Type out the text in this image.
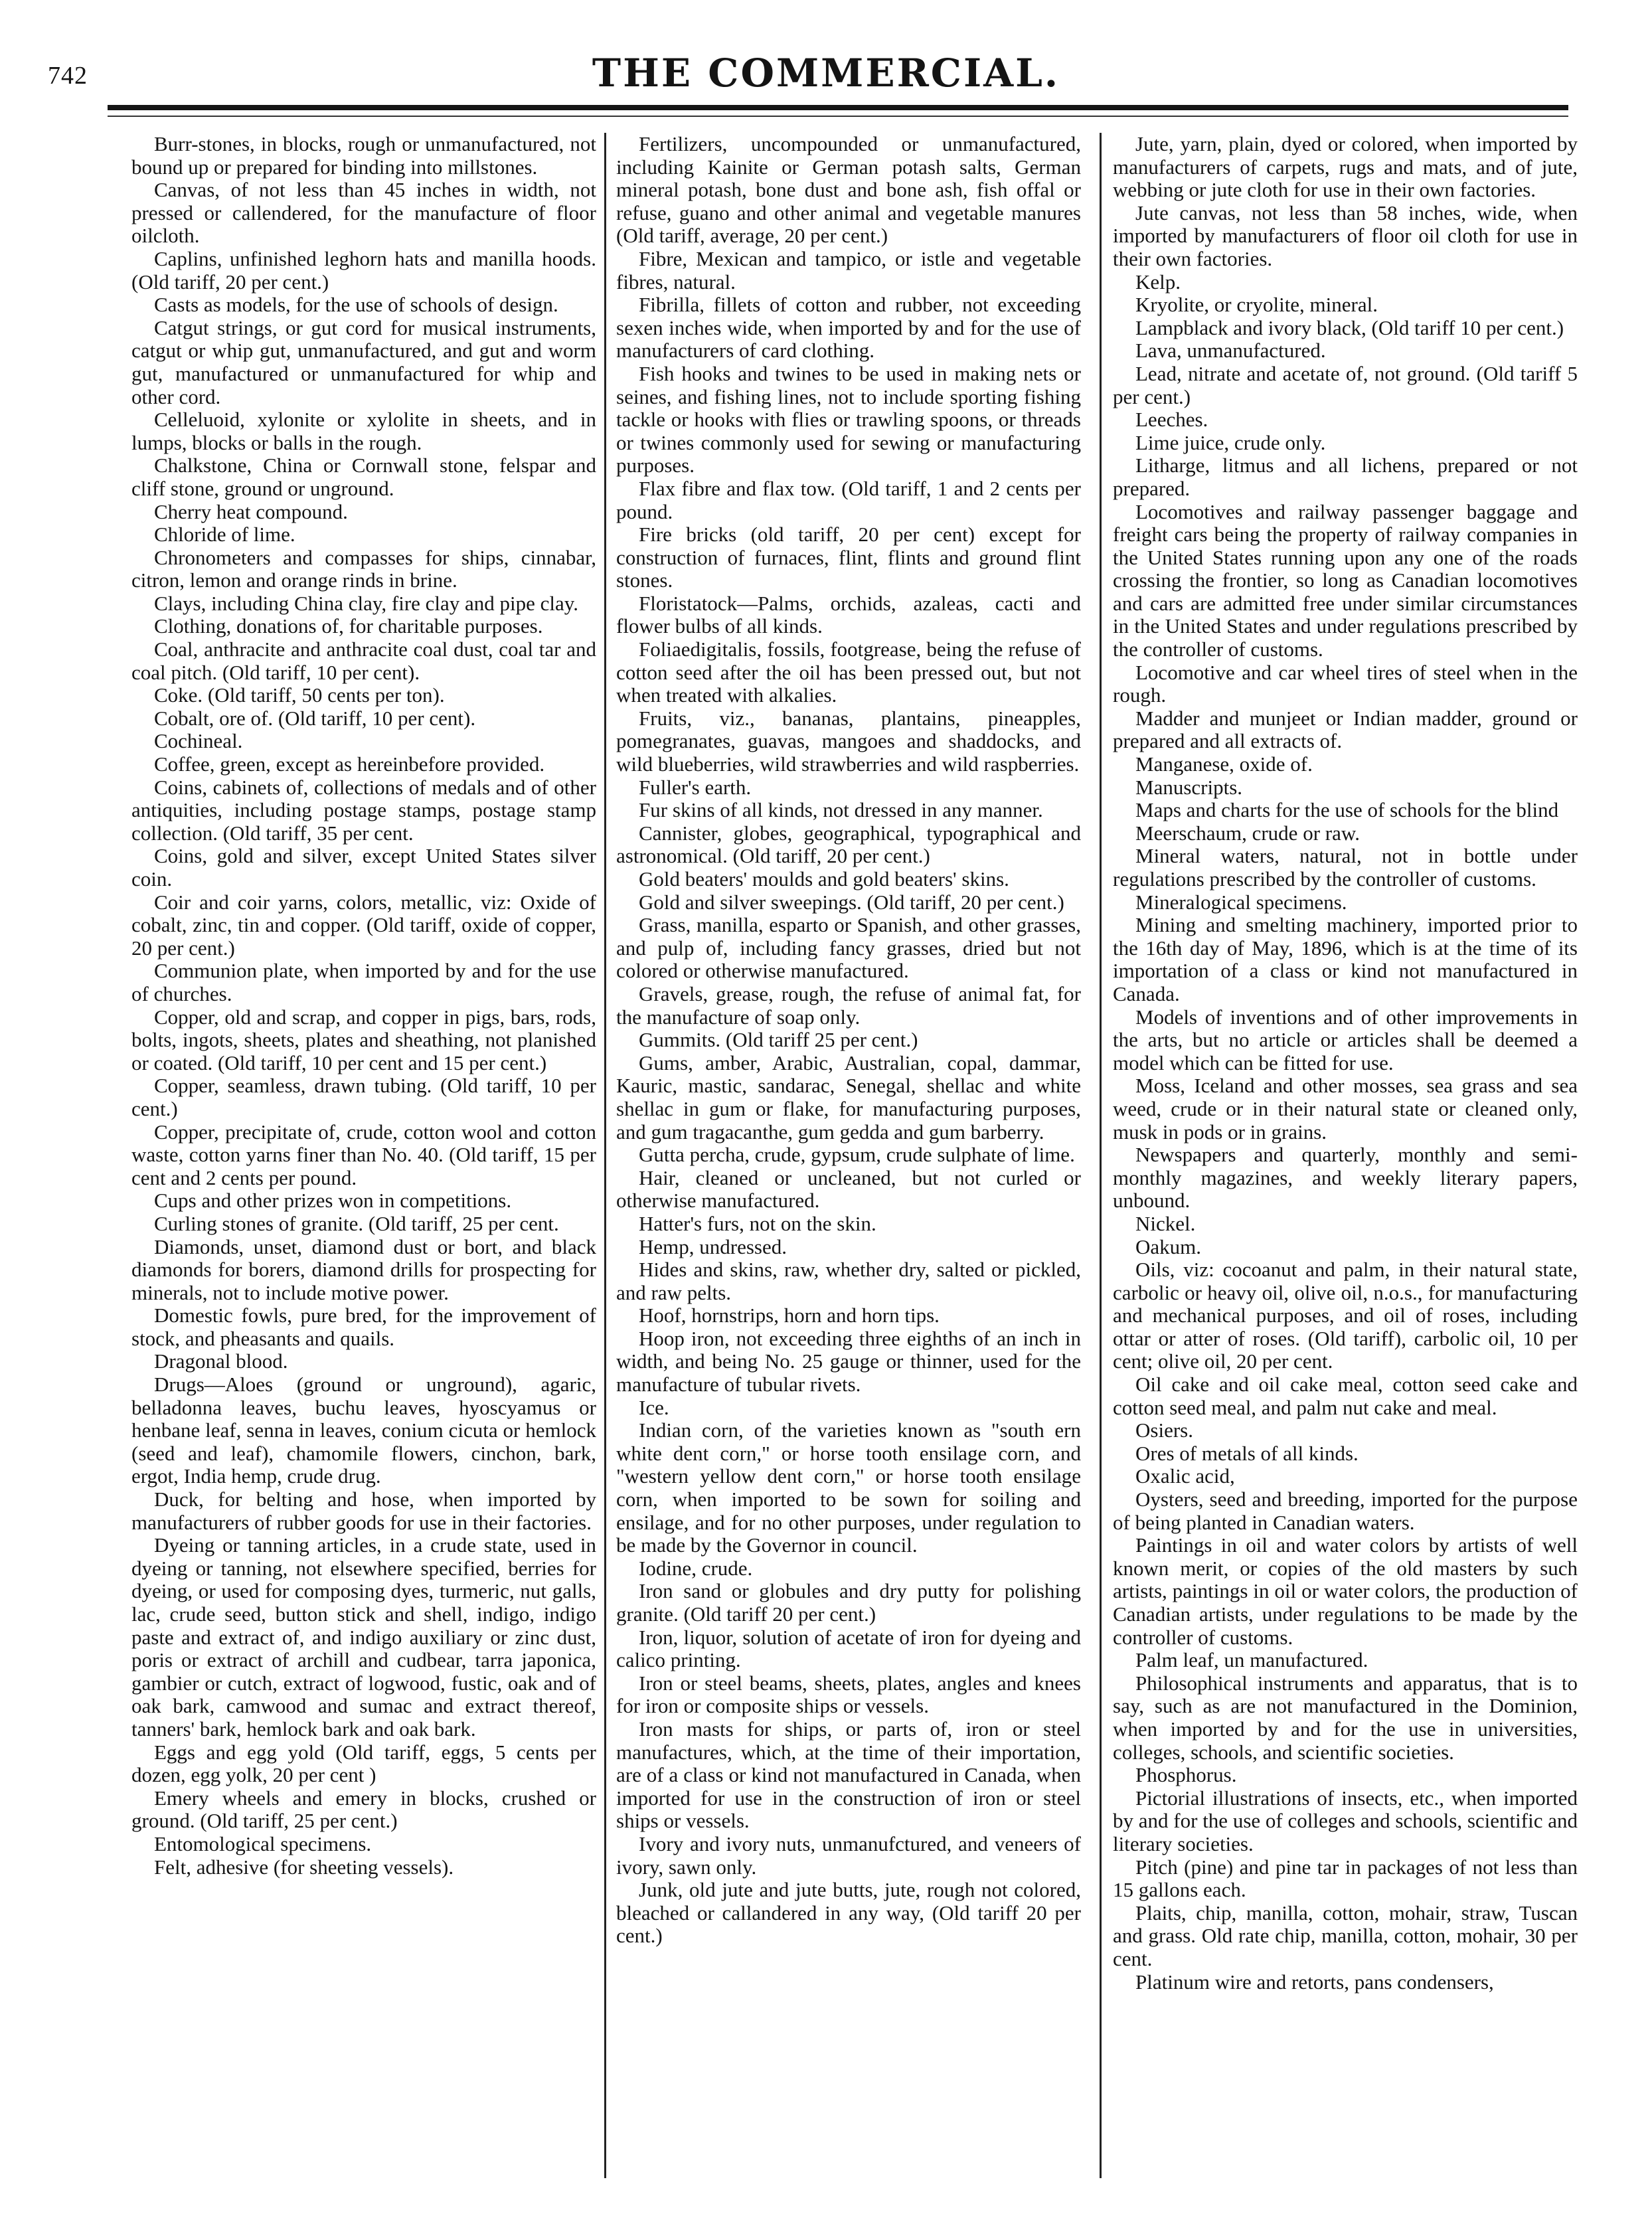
742	THE COMMERCIAL.

Burr-stones, in blocks, rough or unmanufactured, not bound up or prepared for binding into millstones.

Canvas, of not less than 45 inches in width, not pressed or callendered, for the manufacture of floor oilcloth.

Caplins, unfinished leghorn hats and manilla hoods. (Old tariff, 20 per cent.)

Casts as models, for the use of schools of design.

Catgut strings, or gut cord for musical instruments, catgut or whip gut, unmanufactured, and gut and worm gut, manufactured or unmanufactured for whip and other cord.

Celleluoid, xylonite or xylolite in sheets, and in lumps, blocks or balls in the rough.

Chalkstone, China or Cornwall stone, felspar and cliff stone, ground or unground.

Cherry heat compound.

Chloride of lime.

Chronometers and compasses for ships, cinnabar, citron, lemon and orange rinds in brine.

Clays, including China clay, fire clay and pipe clay.

Clothing, donations of, for charitable purposes.

Coal, anthracite and anthracite coal dust, coal tar and coal pitch. (Old tariff, 10 per cent).

Coke. (Old tariff, 50 cents per ton).

Cobalt, ore of. (Old tariff, 10 per cent).

Cochineal.

Coffee, green, except as hereinbefore provided.

Coins, cabinets of, collections of medals and of other antiquities, including postage stamps, postage stamp collection. (Old tariff, 35 per cent.

Coins, gold and silver, except United States silver coin.

Coir and coir yarns, colors, metallic, viz: Oxide of cobalt, zinc, tin and copper. (Old tariff, oxide of copper, 20 per cent.)

Communion plate, when imported by and for the use of churches.

Copper, old and scrap, and copper in pigs, bars, rods, bolts, ingots, sheets, plates and sheathing, not planished or coated. (Old tariff, 10 per cent and 15 per cent.)

Copper, seamless, drawn tubing. (Old tariff, 10 per cent.)

Copper, precipitate of, crude, cotton wool and cotton waste, cotton yarns finer than No. 40. (Old tariff, 15 per cent and 2 cents per pound.

Cups and other prizes won in competitions.

Curling stones of granite. (Old tariff, 25 per cent.

Diamonds, unset, diamond dust or bort, and black diamonds for borers, diamond drills for prospecting for minerals, not to include motive power.

Domestic fowls, pure bred, for the improvement of stock, and pheasants and quails.

Dragonal blood.

Drugs—Aloes (ground or unground), agaric, belladonna leaves, buchu leaves, hyoscyamus or henbane leaf, senna in leaves, conium cicuta or hemlock (seed and leaf), chamomile flowers, cinchon, bark, ergot, India hemp, crude drug.

Duck, for belting and hose, when imported by manufacturers of rubber goods for use in their factories.

Dyeing or tanning articles, in a crude state, used in dyeing or tanning, not elsewhere specified, berries for dyeing, or used for composing dyes, turmeric, nut galls, lac, crude seed, button stick and shell, indigo, indigo paste and extract of, and indigo auxiliary or zinc dust, poris or extract of archill and cudbear, tarra japonica, gambier or cutch, extract of logwood, fustic, oak and of oak bark, camwood and sumac and extract thereof, tanners' bark, hemlock bark and oak bark.

Eggs and egg yold (Old tariff, eggs, 5 cents per dozen, egg yolk, 20 per cent )

Emery wheels and emery in blocks, crushed or ground. (Old tariff, 25 per cent.)

Entomological specimens.

Felt, adhesive (for sheeting vessels).

Fertilizers, uncompounded or unmanufactured, including Kainite or German potash salts, German mineral potash, bone dust and bone ash, fish offal or refuse, guano and other animal and vegetable manures (Old tariff, average, 20 per cent.)

Fibre, Mexican and tampico, or istle and vegetable fibres, natural.

Fibrilla, fillets of cotton and rubber, not exceeding sexen inches wide, when imported by and for the use of manufacturers of card clothing.

Fish hooks and twines to be used in making nets or seines, and fishing lines, not to include sporting fishing tackle or hooks with flies or trawling spoons, or threads or twines commonly used for sewing or manufacturing purposes.

Flax fibre and flax tow. (Old tariff, 1 and 2 cents per pound.

Fire bricks (old tariff, 20 per cent) except for construction of furnaces, flint, flints and ground flint stones.

Floristatock—Palms, orchids, azaleas, cacti and flower bulbs of all kinds.

Foliaedigitalis, fossils, footgrease, being the refuse of cotton seed after the oil has been pressed out, but not when treated with alkalies.

Fruits, viz., bananas, plantains, pineapples, pomegranates, guavas, mangoes and shaddocks, and wild blueberries, wild strawberries and wild raspberries.

Fuller's earth.

Fur skins of all kinds, not dressed in any manner.

Cannister, globes, geographical, typographical and astronomical. (Old tariff, 20 per cent.)

Gold beaters' moulds and gold beaters' skins.

Gold and silver sweepings. (Old tariff, 20 per cent.)

Grass, manilla, esparto or Spanish, and other grasses, and pulp of, including fancy grasses, dried but not colored or otherwise manufactured.

Gravels, grease, rough, the refuse of animal fat, for the manufacture of soap only.

Gummits. (Old tariff 25 per cent.)

Gums, amber, Arabic, Australian, copal, dammar, Kauric, mastic, sandarac, Senegal, shellac and white shellac in gum or flake, for manufacturing purposes, and gum tragacanthe, gum gedda and gum barberry.

Gutta percha, crude, gypsum, crude sulphate of lime.

Hair, cleaned or uncleaned, but not curled or otherwise manufactured.

Hatter's furs, not on the skin.

Hemp, undressed.

Hides and skins, raw, whether dry, salted or pickled, and raw pelts.

Hoof, hornstrips, horn and horn tips.

Hoop iron, not exceeding three eighths of an inch in width, and being No. 25 gauge or thinner, used for the manufacture of tubular rivets.

Ice.

Indian corn, of the varieties known as "south ern white dent corn," or horse tooth ensilage corn, and "western yellow dent corn," or horse tooth ensilage corn, when imported to be sown for soiling and ensilage, and for no other purposes, under regulation to be made by the Governor in council.

Iodine, crude.

Iron sand or globules and dry putty for polishing granite. (Old tariff 20 per cent.)

Iron, liquor, solution of acetate of iron for dyeing and calico printing.

Iron or steel beams, sheets, plates, angles and knees for iron or composite ships or vessels.

Iron masts for ships, or parts of, iron or steel manufactures, which, at the time of their importation, are of a class or kind not manufactured in Canada, when imported for use in the construction of iron or steel ships or vessels.

Ivory and ivory nuts, unmanufctured, and veneers of ivory, sawn only.

Junk, old jute and jute butts, jute, rough not colored, bleached or callandered in any way, (Old tariff 20 per cent.)

Jute, yarn, plain, dyed or colored, when imported by manufacturers of carpets, rugs and mats, and of jute, webbing or jute cloth for use in their own factories.

Jute canvas, not less than 58 inches, wide, when imported by manufacturers of floor oil cloth for use in their own factories.

Kelp.

Kryolite, or cryolite, mineral.

Lampblack and ivory black, (Old tariff 10 per cent.)

Lava, unmanufactured.

Lead, nitrate and acetate of, not ground. (Old tariff 5 per cent.)

Leeches.

Lime juice, crude only.

Litharge, litmus and all lichens, prepared or not prepared.

Locomotives and railway passenger baggage and freight cars being the property of railway companies in the United States running upon any one of the roads crossing the frontier, so long as Canadian locomotives and cars are admitted free under similar circumstances in the United States and under regulations prescribed by the controller of customs.

Locomotive and car wheel tires of steel when in the rough.

Madder and munjeet or Indian madder, ground or prepared and all extracts of.

Manganese, oxide of.

Manuscripts.

Maps and charts for the use of schools for the blind

Meerschaum, crude or raw.

Mineral waters, natural, not in bottle under regulations prescribed by the controller of customs.

Mineralogical specimens.

Mining and smelting machinery, imported prior to the 16th day of May, 1896, which is at the time of its importation of a class or kind not manufactured in Canada.

Models of inventions and of other improvements in the arts, but no article or articles shall be deemed a model which can be fitted for use.

Moss, Iceland and other mosses, sea grass and sea weed, crude or in their natural state or cleaned only, musk in pods or in grains.

Newspapers and quarterly, monthly and semi-monthly magazines, and weekly literary papers, unbound.

Nickel.

Oakum.

Oils, viz: cocoanut and palm, in their natural state, carbolic or heavy oil, olive oil, n.o.s., for manufacturing and mechanical purposes, and oil of roses, including ottar or atter of roses. (Old tariff), carbolic oil, 10 per cent; olive oil, 20 per cent.

Oil cake and oil cake meal, cotton seed cake and cotton seed meal, and palm nut cake and meal.

Osiers.

Ores of metals of all kinds.

Oxalic acid,

Oysters, seed and breeding, imported for the purpose of being planted in Canadian waters.

Paintings in oil and water colors by artists of well known merit, or copies of the old masters by such artists, paintings in oil or water colors, the production of Canadian artists, under regulations to be made by the controller of customs.

Palm leaf, un manufactured.

Philosophical instruments and apparatus, that is to say, such as are not manufactured in the Dominion, when imported by and for the use in universities, colleges, schools, and scientific societies.

Phosphorus.

Pictorial illustrations of insects, etc., when imported by and for the use of colleges and schools, scientific and literary societies.

Pitch (pine) and pine tar in packages of not less than 15 gallons each.

Plaits, chip, manilla, cotton, mohair, straw, Tuscan and grass. Old rate chip, manilla, cotton, mohair, 30 per cent.

Platinum wire and retorts, pans condensers,
